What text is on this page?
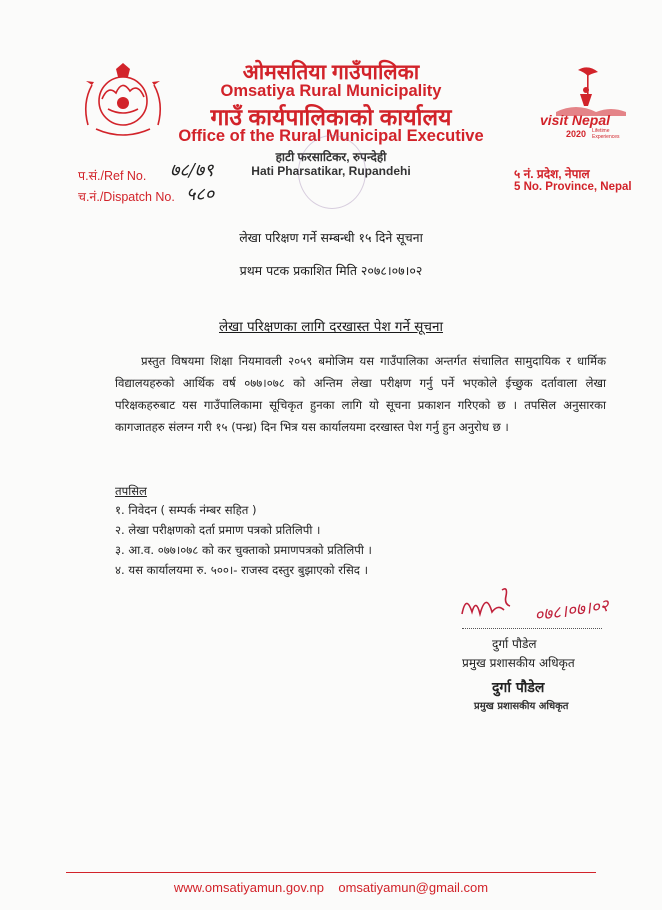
ओमसतिया गाउँपालिका
Omsatiya Rural Municipality
गाउँ कार्यपालिकाको कार्यालय
Office of the Rural Municipal Executive
हाटी फरसाटिकर, रुपन्देही
Hati Pharsatikar, Rupandehi
visit Nepal
2020 Lifetime Experiences
५ नं. प्रदेश, नेपाल
5 No. Province, Nepal
प.सं./Ref No. ७८/७९
च.नं./Dispatch No. ५८०
लेखा परिक्षण गर्ने सम्बन्धी १५ दिने सूचना
प्रथम पटक प्रकाशित मिति २०७८।०७।०२
लेखा परिक्षणका लागि दरखास्त पेश गर्ने सूचना
प्रस्तुत विषयमा शिक्षा नियमावली २०५९ बमोजिम यस गाउँपालिका अन्तर्गत संचालित सामुदायिक र धार्मिक विद्यालयहरुको आर्थिक वर्ष ०७७।०७८ को अन्तिम लेखा परीक्षण गर्नु पर्ने भएकोले ईच्छुक दर्तावाला लेखा परिक्षकहरुबाट यस गाउँपालिकामा सूचिकृत हुनका लागि यो सूचना प्रकाशन गरिएको छ । तपसिल अनुसारका कागजातहरु संलग्न गरी १५ (पन्ध्र) दिन भित्र यस कार्यालयमा दरखास्त पेश गर्नु हुन अनुरोध छ ।
तपसिल
१. निवेदन ( सम्पर्क नंम्बर सहित )
२. लेखा परीक्षणको दर्ता प्रमाण पत्रको प्रतिलिपी ।
३. आ.व. ०७७।०७८ को कर चुक्ताको प्रमाणपत्रको प्रतिलिपी ।
४. यस कार्यालयमा रु. ५००।- राजस्व दस्तुर बुझाएको रसिद ।
०७८।०७।०२
दुर्गा पौडेल
प्रमुख प्रशासकीय अधिकृत
दुर्गा पौडेल
प्रमुख प्रशासकीय अधिकृत
www.omsatiyamun.gov.np omsatiyamun@gmail.com
